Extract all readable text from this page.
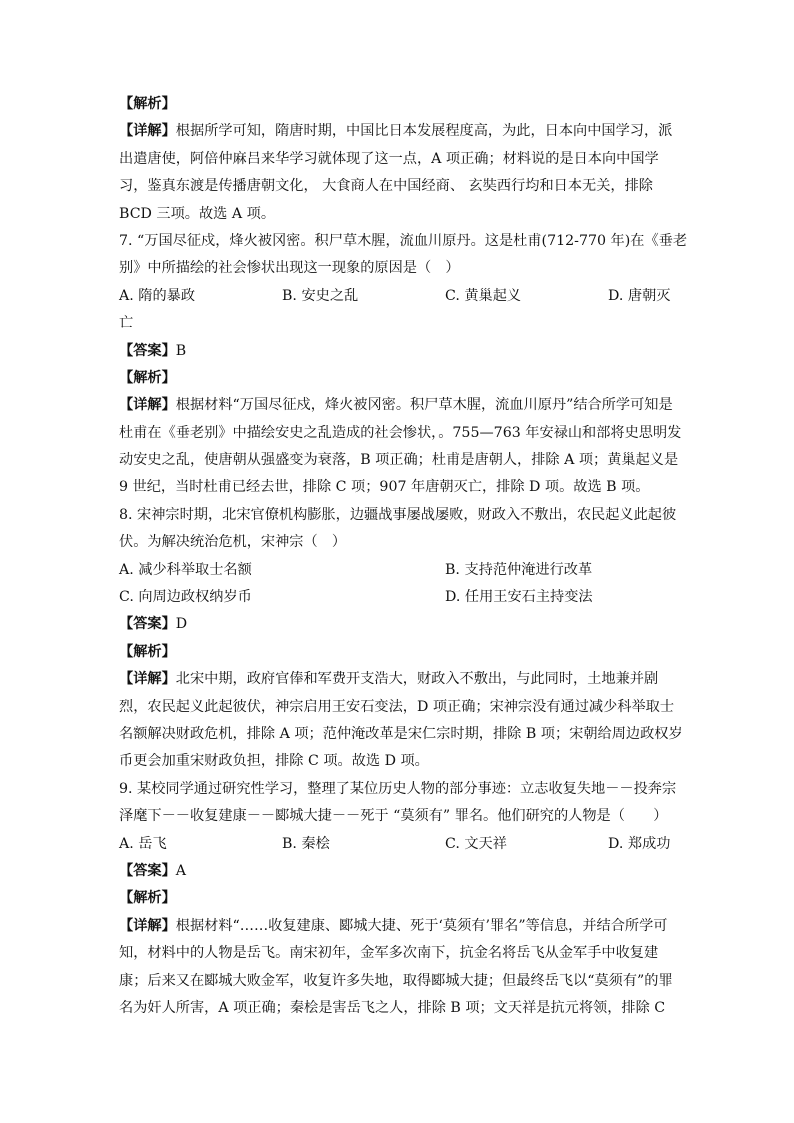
【解析】
【详解】根据所学可知，隋唐时期，中国比日本发展程度高，为此，日本向中国学习，派
出遣唐使，阿倍仲麻吕来华学习就体现了这一点，A 项正确；材料说的是日本向中国学
习，鉴真东渡是传播唐朝文化， 大食商人在中国经商、 玄奘西行均和日本无关，排除
BCD 三项。故选 A 项。
7. “万国尽征戍，烽火被冈密。积尸草木腥，流血川原丹。这是杜甫(712-770 年)在《垂老
别》中所描绘的社会惨状出现这一现象的原因是（　）
A. 隋的暴政	B. 安史之乱	C. 黄巢起义	D. 唐朝灭
亡
【答案】B
【解析】
【详解】根据材料“万国尽征戍，烽火被冈密。积尸草木腥，流血川原丹”结合所学可知是
杜甫在《垂老别》中描绘安史之乱造成的社会惨状，。755—763 年安禄山和部将史思明发
动安史之乱，使唐朝从强盛变为衰落，B 项正确；杜甫是唐朝人，排除 A 项；黄巢起义是
9 世纪，当时杜甫已经去世，排除 C 项；907 年唐朝灭亡，排除 D 项。故选 B 项。
8. 宋神宗时期，北宋官僚机构膨胀，边疆战事屡战屡败，财政入不敷出，农民起义此起彼
伏。为解决统治危机，宋神宗（　）
A. 减少科举取士名额	B. 支持范仲淹进行改革
C. 向周边政权纳岁币	D. 任用王安石主持变法
【答案】D
【解析】
【详解】北宋中期，政府官俸和军费开支浩大，财政入不敷出，与此同时，土地兼并剧
烈，农民起义此起彼伏，神宗启用王安石变法，D 项正确；宋神宗没有通过减少科举取士
名额解决财政危机，排除 A 项；范仲淹改革是宋仁宗时期，排除 B 项；宋朝给周边政权岁
币更会加重宋财政负担，排除 C 项。故选 D 项。
9. 某校同学通过研究性学习，整理了某位历史人物的部分事迹：立志收复失地－－投奔宗
泽麾下－－收复建康－－郾城大捷－－死于 “莫须有” 罪名。他们研究的人物是（　　）
A. 岳飞	B. 秦桧	C. 文天祥	D. 郑成功
【答案】A
【解析】
【详解】根据材料“……收复建康、郾城大捷、死于‘莫须有’罪名”等信息，并结合所学可
知，材料中的人物是岳飞。南宋初年，金军多次南下，抗金名将岳飞从金军手中收复建
康；后来又在郾城大败金军，收复许多失地，取得郾城大捷；但最终岳飞以“莫须有”的罪
名为奸人所害，A 项正确；秦桧是害岳飞之人，排除 B 项；文天祥是抗元将领，排除 C
